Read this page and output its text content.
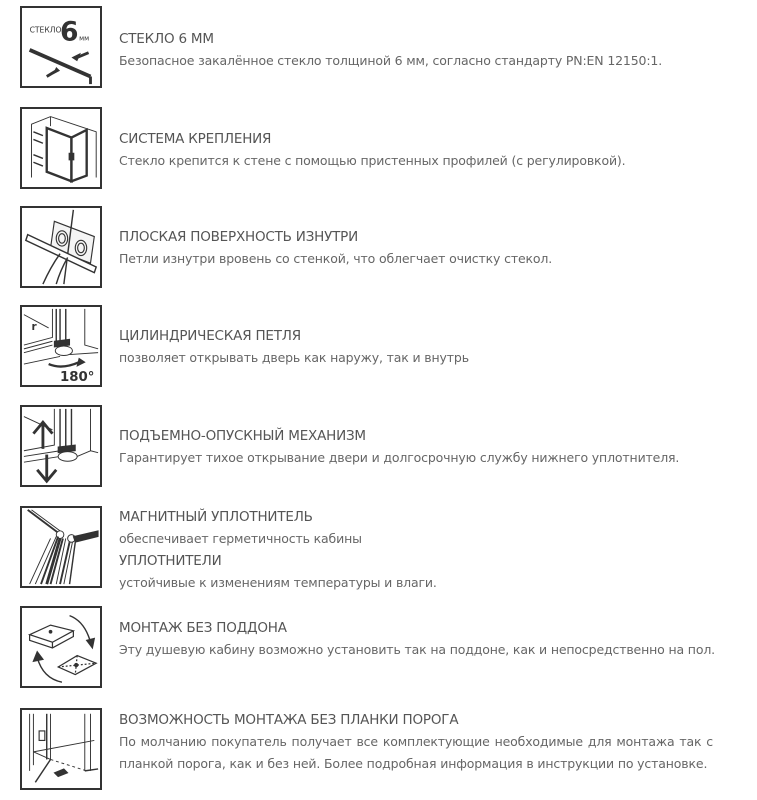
СТЕКЛО
6 мм СТЕКЛО 6 ММ
Безопасное закалённое стекло толщиной 6 мм, согласно стандарту PN:EN 12150:1.
СИСТЕМА КРЕПЛЕНИЯ
Стекло крепится к стене с помощью пристенных профилей (с регулировкой).
ПЛОСКАЯ ПОВЕРХНОСТЬ ИЗНУТРИ
Петли изнутри вровень со стенкой, что облегчает очистку стекол.
180°
r
ЦИЛИНДРИЧЕСКАЯ ПЕТЛЯ
позволяет открывать дверь как наружу, так и внутрь
ПОДЪЕМНО-ОПУСКНЫЙ МЕХАНИЗМ
Гарантирует тихое открывание двери и долгосрочную службу нижнего уплотнителя.
МАГНИТНЫЙ УПЛОТНИТЕЛЬ
обеспечивает герметичность кабины
УПЛОТНИТЕЛИ
устойчивые к изменениям температуры и влаги.
МОНТАЖ БЕЗ ПОДДОНА
Эту душевую кабину возможно установить так на поддоне, как и непосредственно на пол.
ВОЗМОЖНОСТЬ МОНТАЖА БЕЗ ПЛАНКИ ПОРОГА
По молчанию покупатель получает все комплектующие необходимые для монтажа так с планкой порога, как и без ней. Более подробная информация в инструкции по установке.
